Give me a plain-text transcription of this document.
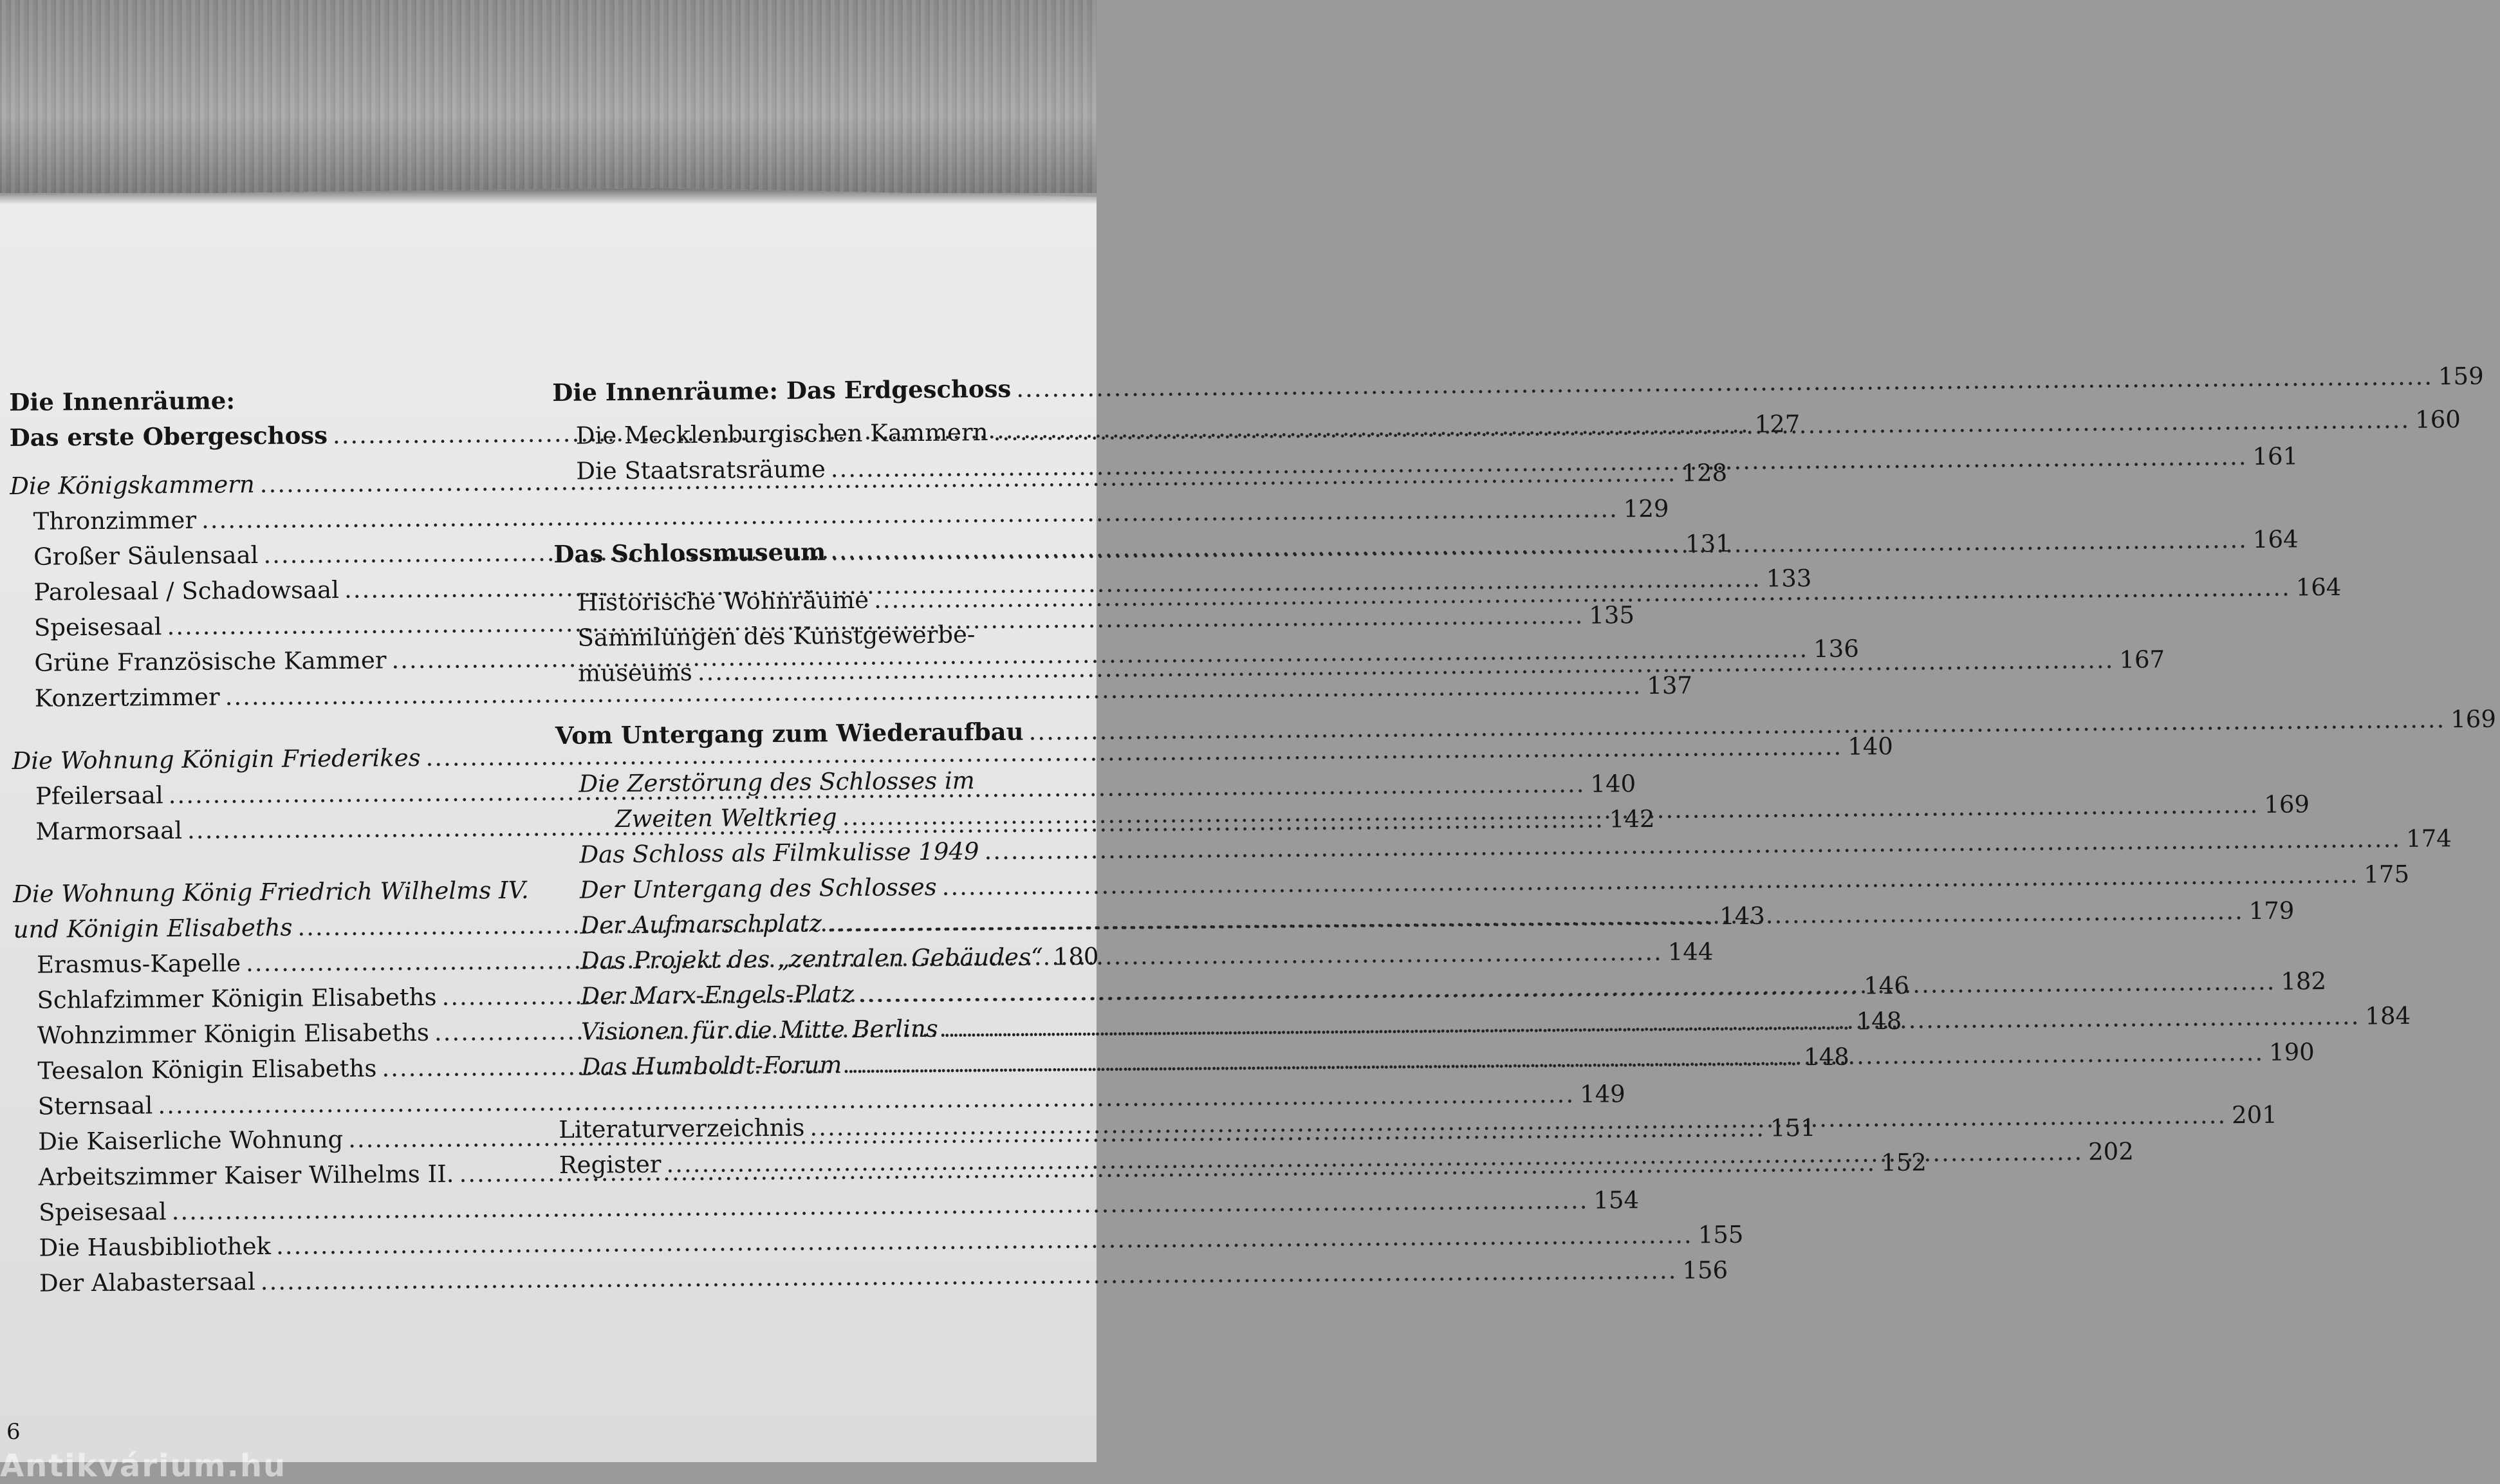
Die Innenräume:
Das erste Obergeschoss .....	127
Die Königskammern .....	128
Thronzimmer .....	129
Großer Säulensaal .....	131
Parolesaal / Schadowsaal .....	133
Speisesaal .....	135
Grüne Französische Kammer .....	136
Konzertzimmer .....	137
Die Wohnung Königin Friederikes .....	140
Pfeilersaal .....	140
Marmorsaal .....	142
Die Wohnung König Friedrich Wilhelms IV.
und Königin Elisabeths .....	143
Erasmus-Kapelle .....	144
Schlafzimmer Königin Elisabeths .....	146
Wohnzimmer Königin Elisabeths .....	148
Teesalon Königin Elisabeths .....	148
Sternsaal .....	149
Die Kaiserliche Wohnung .....	151
Arbeitszimmer Kaiser Wilhelms II. .....	152
Speisesaal .....	154
Die Hausbibliothek .....	155
Der Alabastersaal .....	156
Die Innenräume: Das Erdgeschoss .....	159
Die Mecklenburgischen Kammern .....	160
Die Staatsratsräume .....	161
Das Schlossmuseum .....	164
Historische Wohnräume .....	164
Sammlungen des Kunstgewerbe-
museums .....	167
Vom Untergang zum Wiederaufbau .....	169
Die Zerstörung des Schlosses im
Zweiten Weltkrieg .....	169
Das Schloss als Filmkulisse 1949 .....	174
Der Untergang des Schlosses .....	175
Der Aufmarschplatz .....	179
Das Projekt des „zentralen Gebäudes“ ..... 180
Der Marx-Engels-Platz .....	182
Visionen für die Mitte Berlins .....	184
Das Humboldt-Forum .....	190
Literaturverzeichnis .....	201
Register .....	202
6
Antikvárium.hu
